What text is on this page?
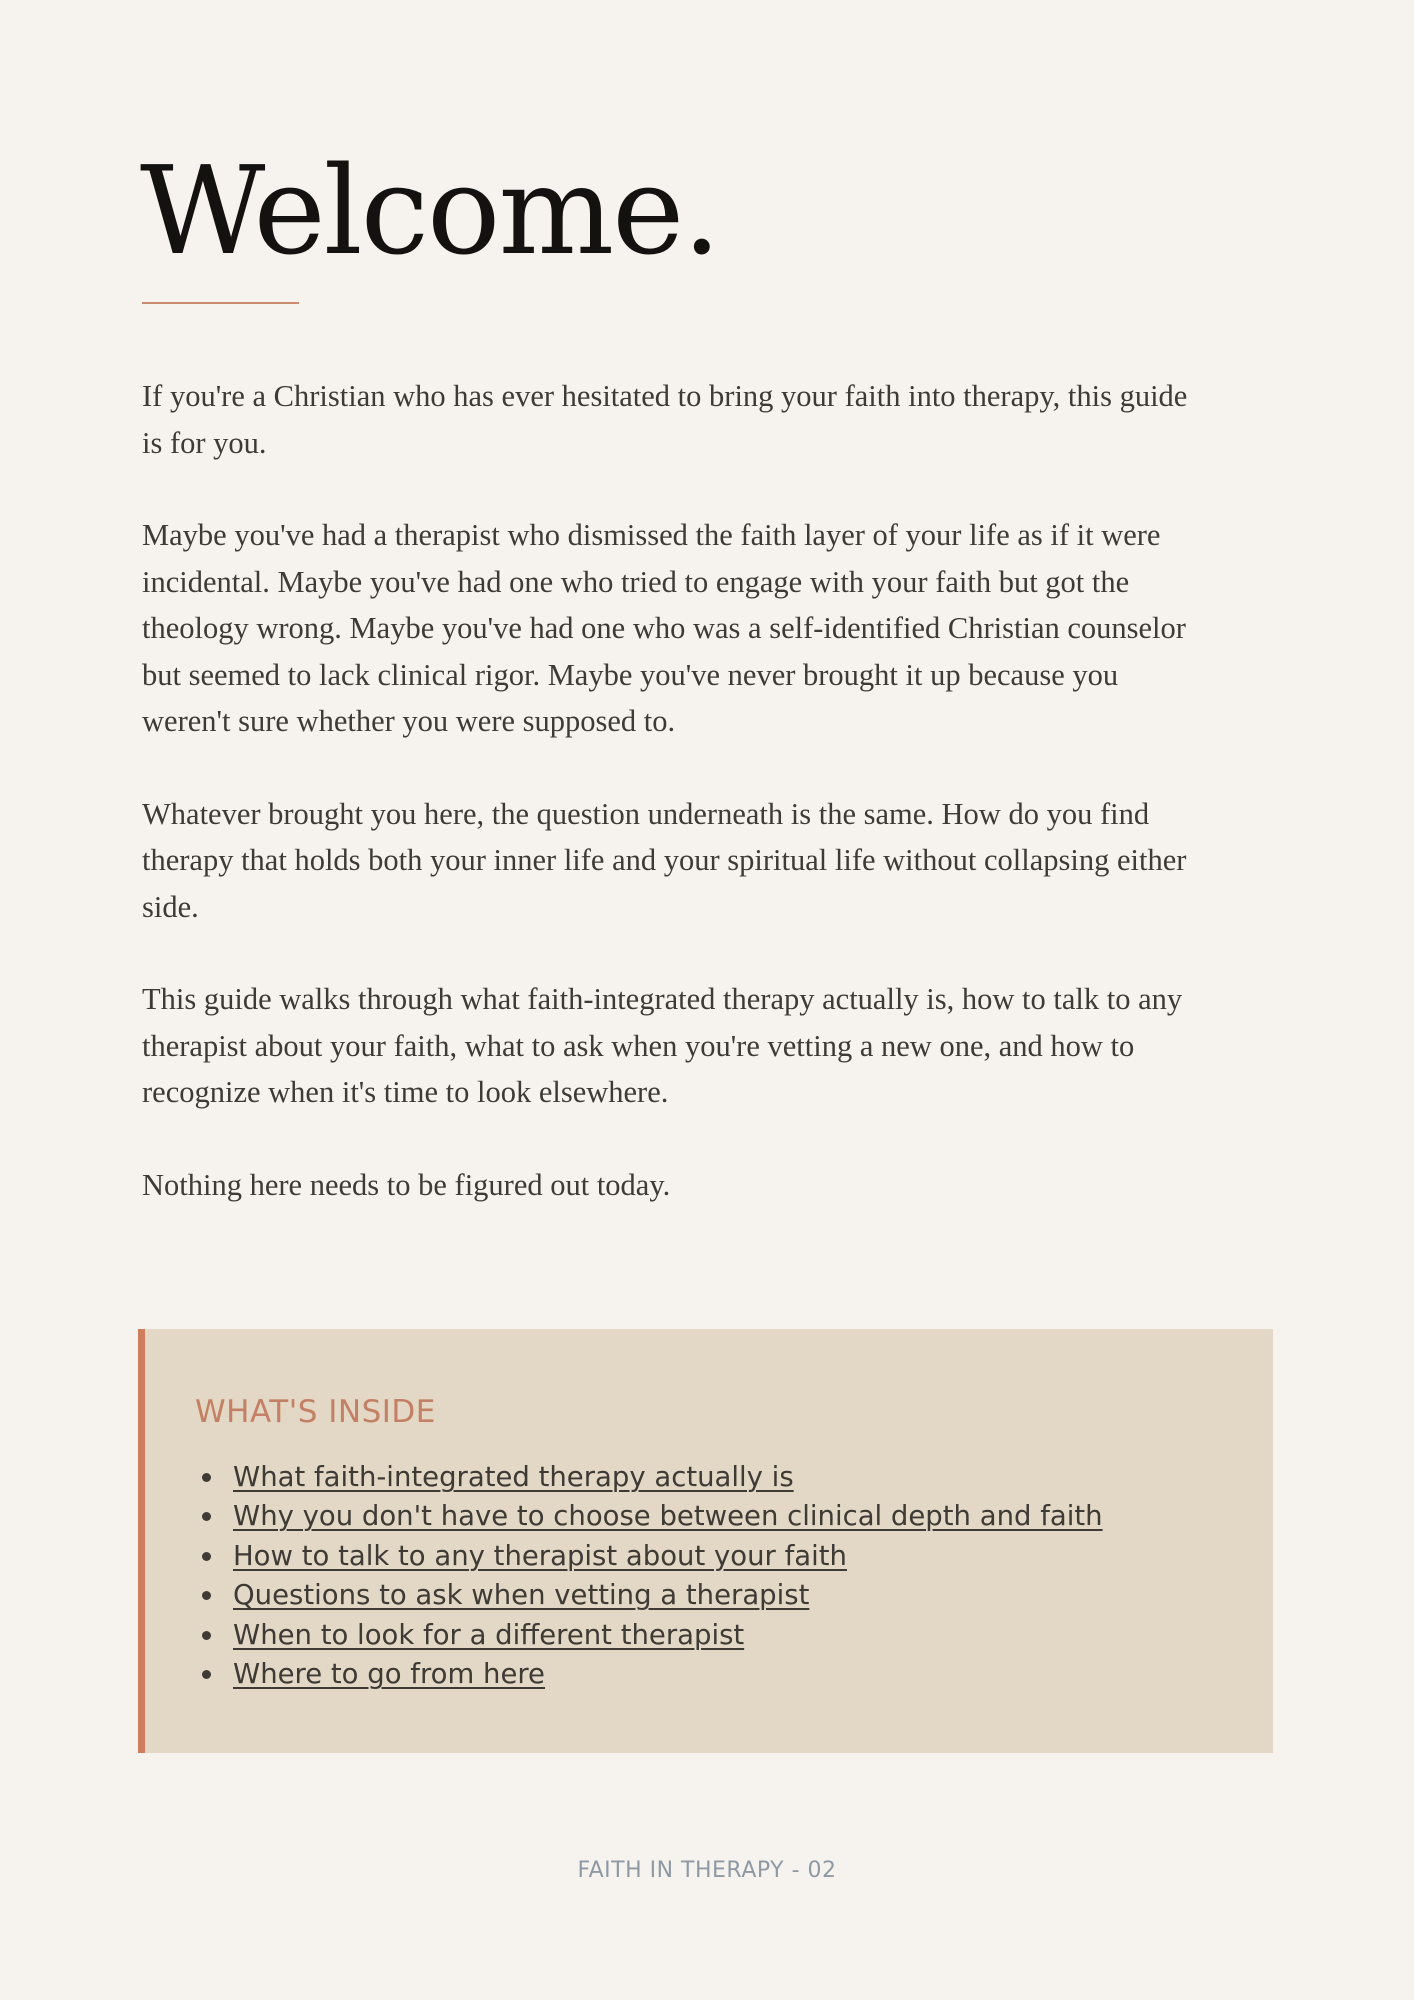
Welcome.

If you're a Christian who has ever hesitated to bring your faith into therapy, this guide is for you.

Maybe you've had a therapist who dismissed the faith layer of your life as if it were incidental. Maybe you've had one who tried to engage with your faith but got the theology wrong. Maybe you've had one who was a self-identified Christian counselor but seemed to lack clinical rigor. Maybe you've never brought it up because you weren't sure whether you were supposed to.

Whatever brought you here, the question underneath is the same. How do you find therapy that holds both your inner life and your spiritual life without collapsing either side.

This guide walks through what faith-integrated therapy actually is, how to talk to any therapist about your faith, what to ask when you're vetting a new one, and how to recognize when it's time to look elsewhere.

Nothing here needs to be figured out today.

WHAT'S INSIDE
What faith-integrated therapy actually is
Why you don't have to choose between clinical depth and faith
How to talk to any therapist about your faith
Questions to ask when vetting a therapist
When to look for a different therapist
Where to go from here
FAITH IN THERAPY - 02
